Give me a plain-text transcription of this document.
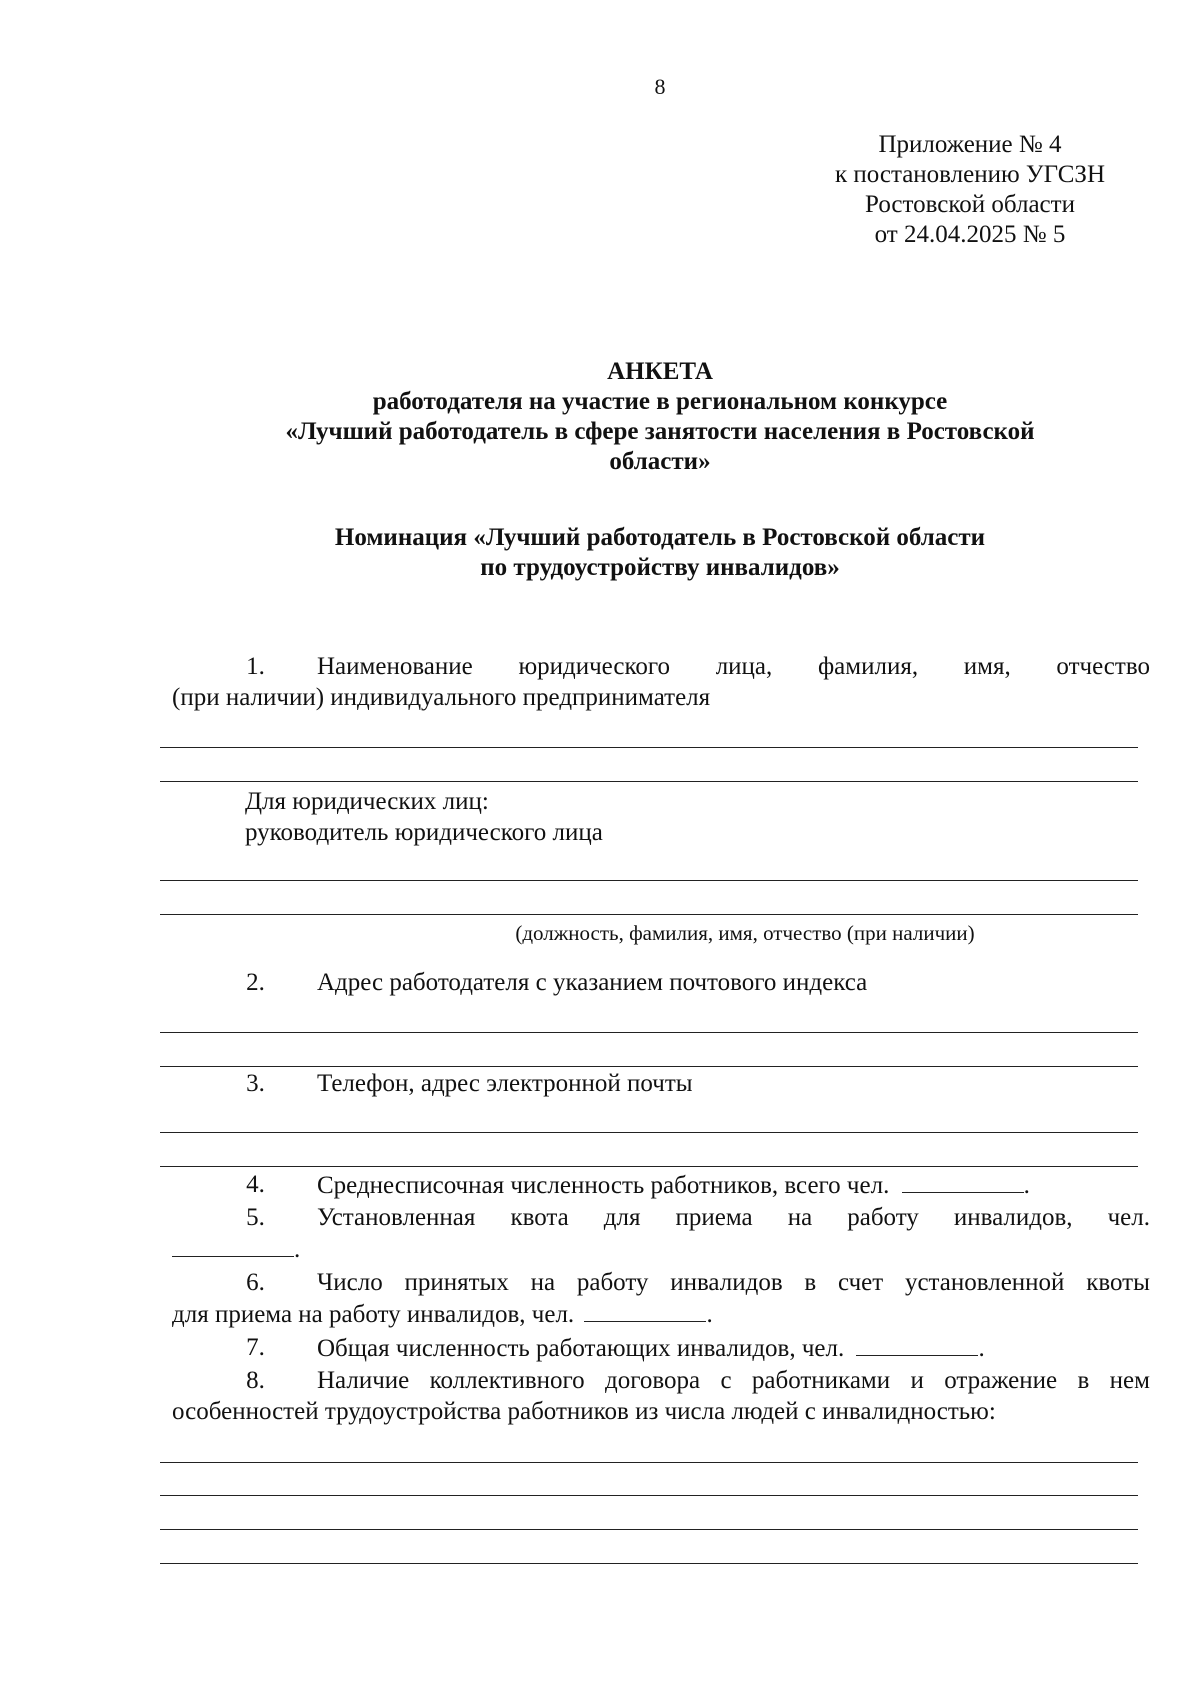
8
Приложение № 4
к постановлению УГСЗН
Ростовской области
от 24.04.2025 № 5
АНКЕТА
работодателя на участие в региональном конкурсе
«Лучший работодатель в сфере занятости населения в Ростовской
области»
Номинация «Лучший работодатель в Ростовской области
по трудоустройству инвалидов»
1.	Наименование юридического лица, фамилия, имя, отчество
(при наличии) индивидуального предпринимателя
Для юридических лиц:
руководитель юридического лица
(должность, фамилия, имя, отчество (при наличии)
2.	Адрес работодателя с указанием почтового индекса
3.	Телефон, адрес электронной почты
4.	Среднесписочная численность работников, всего чел.	.
5.	Установленная квота для приема на работу инвалидов, чел.
.
6.	Число принятых на работу инвалидов в счет установленной квоты
для приема на работу инвалидов, чел.	.
7.	Общая численность работающих инвалидов, чел.	.
8.	Наличие коллективного договора с работниками и отражение в нем
особенностей трудоустройства работников из числа людей с инвалидностью:
